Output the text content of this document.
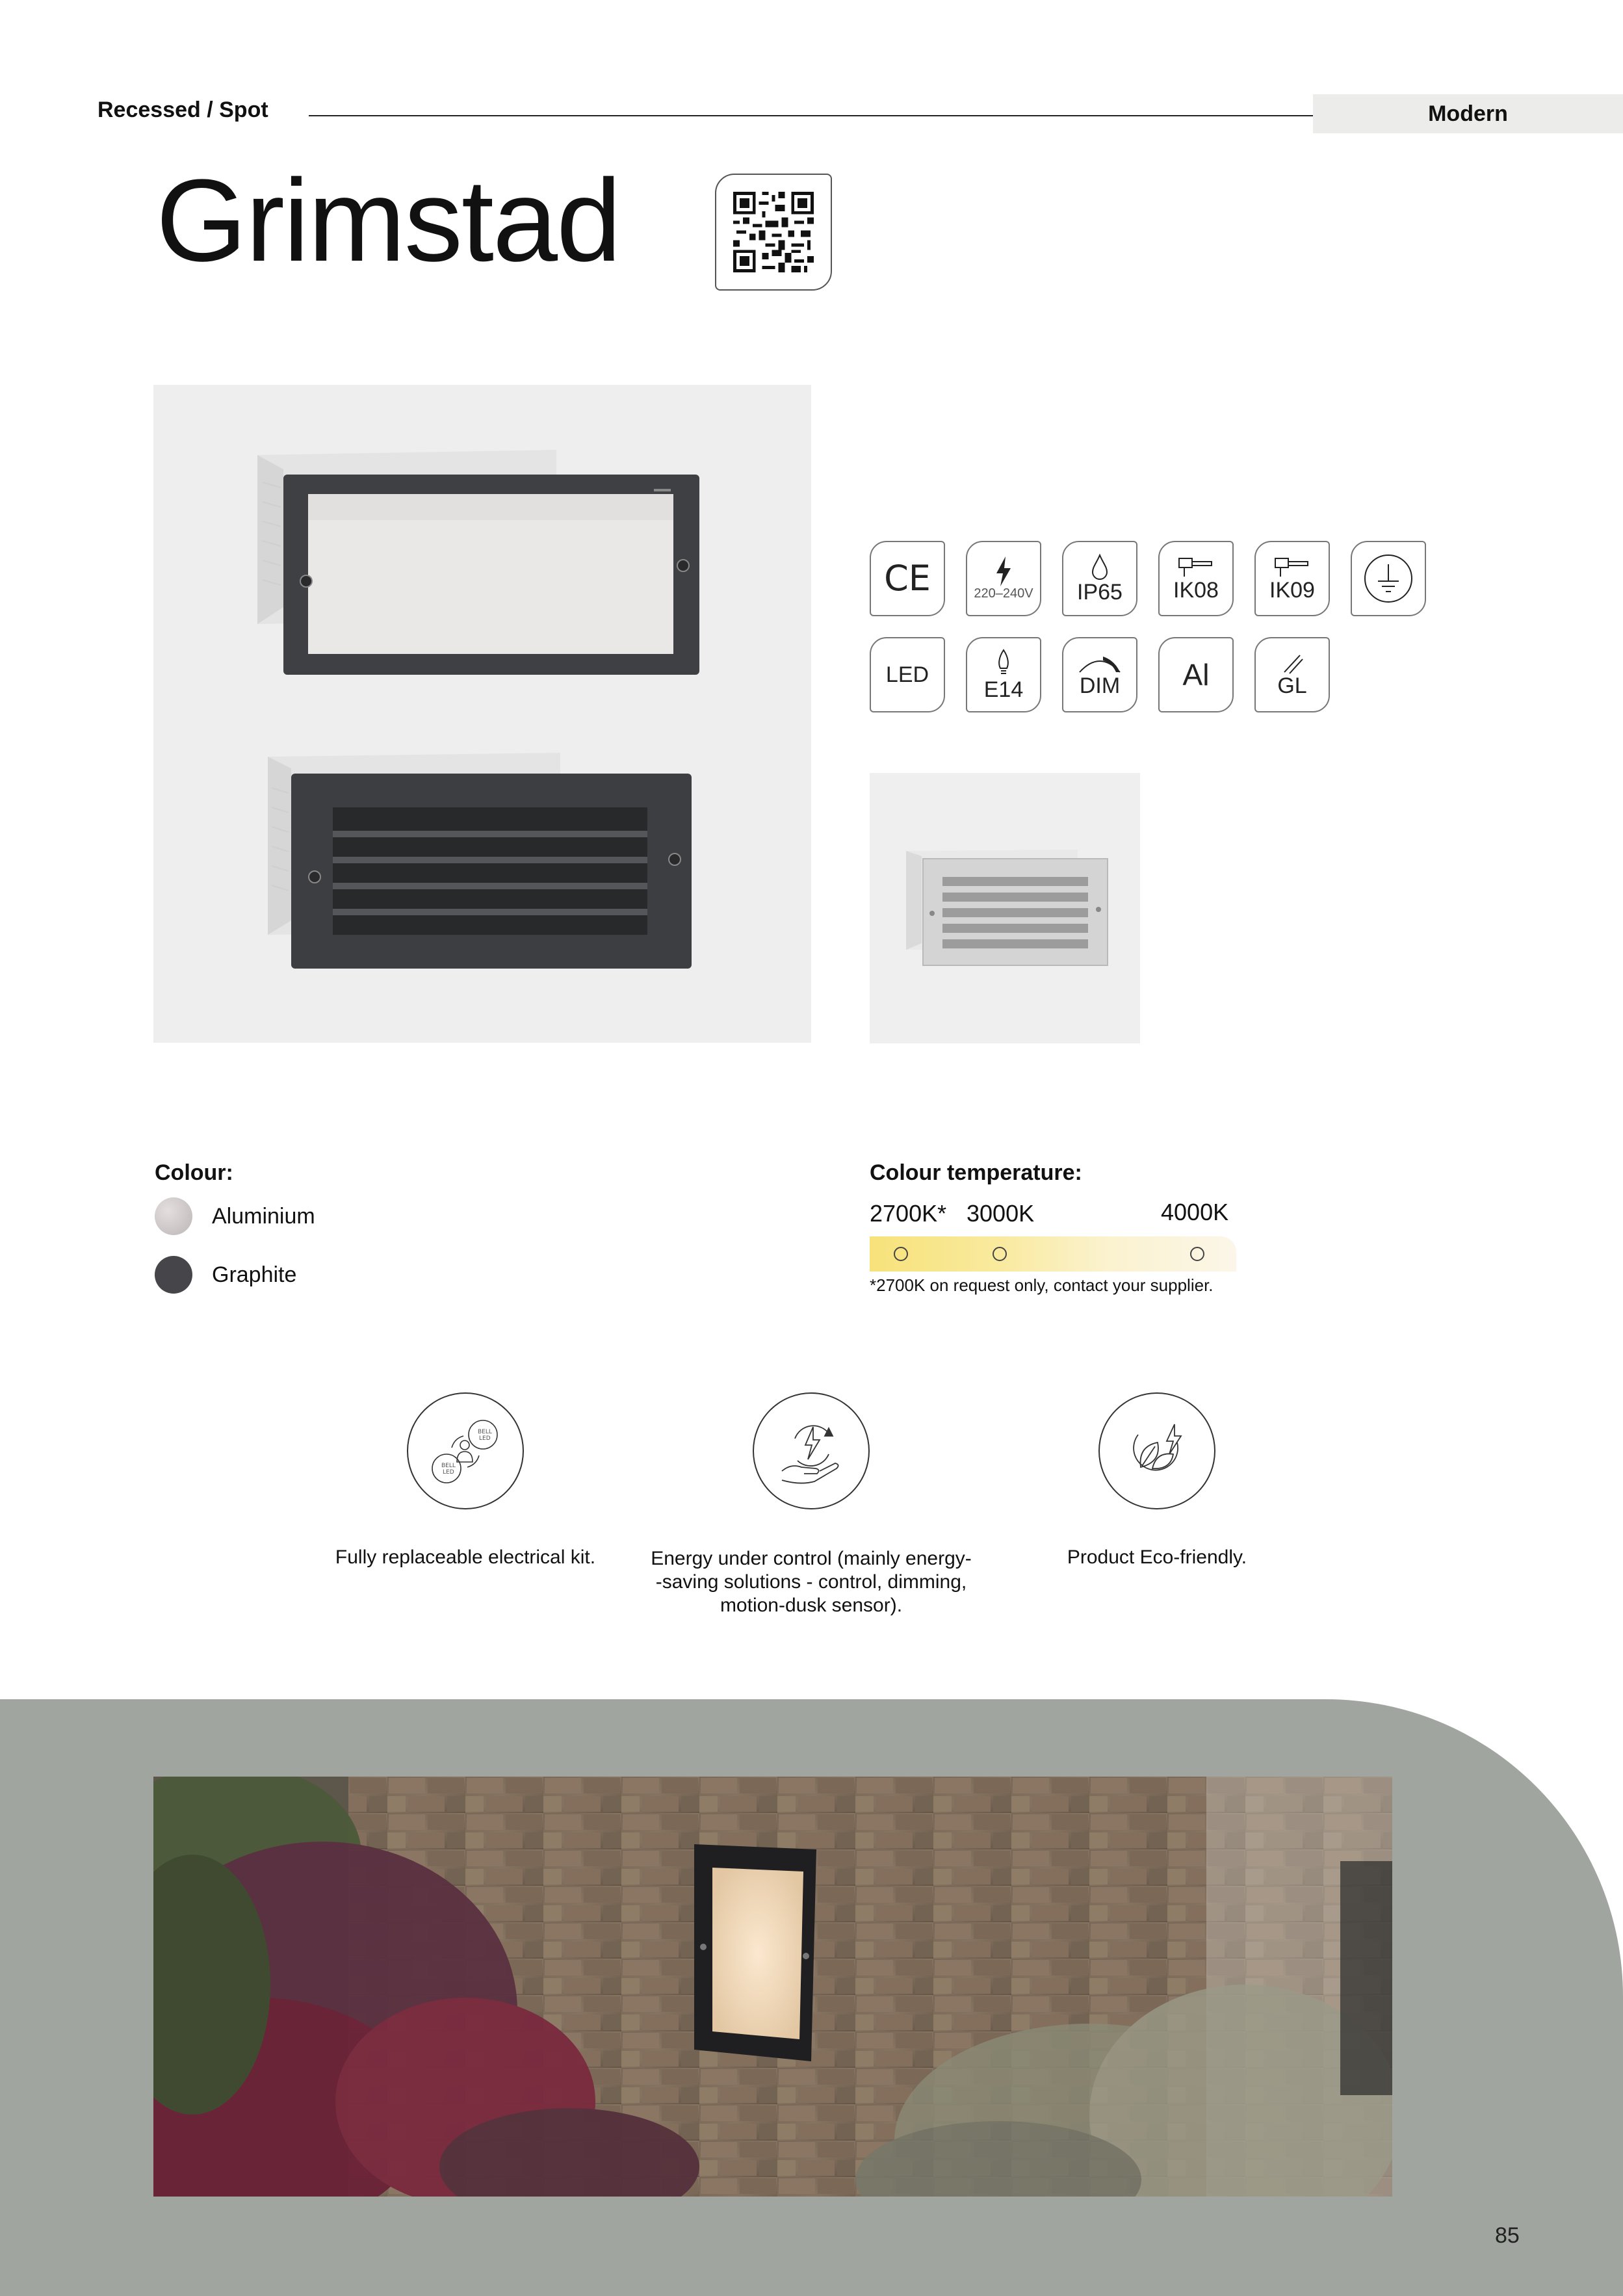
Recessed / Spot	Modern
Grimstad
CE	220–240V IP65 IK08 IK09
LED
E14	DIM Al	GL
Colour:
Aluminium
Graphite
Colour temperature:
2700K* 3000K	4000K
*2700K on request only, contact your supplier.
BELL
LED
BELL
LED
Fully replaceable electrical kit.	Energy under control (mainly energy-
-saving solutions - control, dimming,
motion-dusk sensor).
Product Eco-friendly.
85
